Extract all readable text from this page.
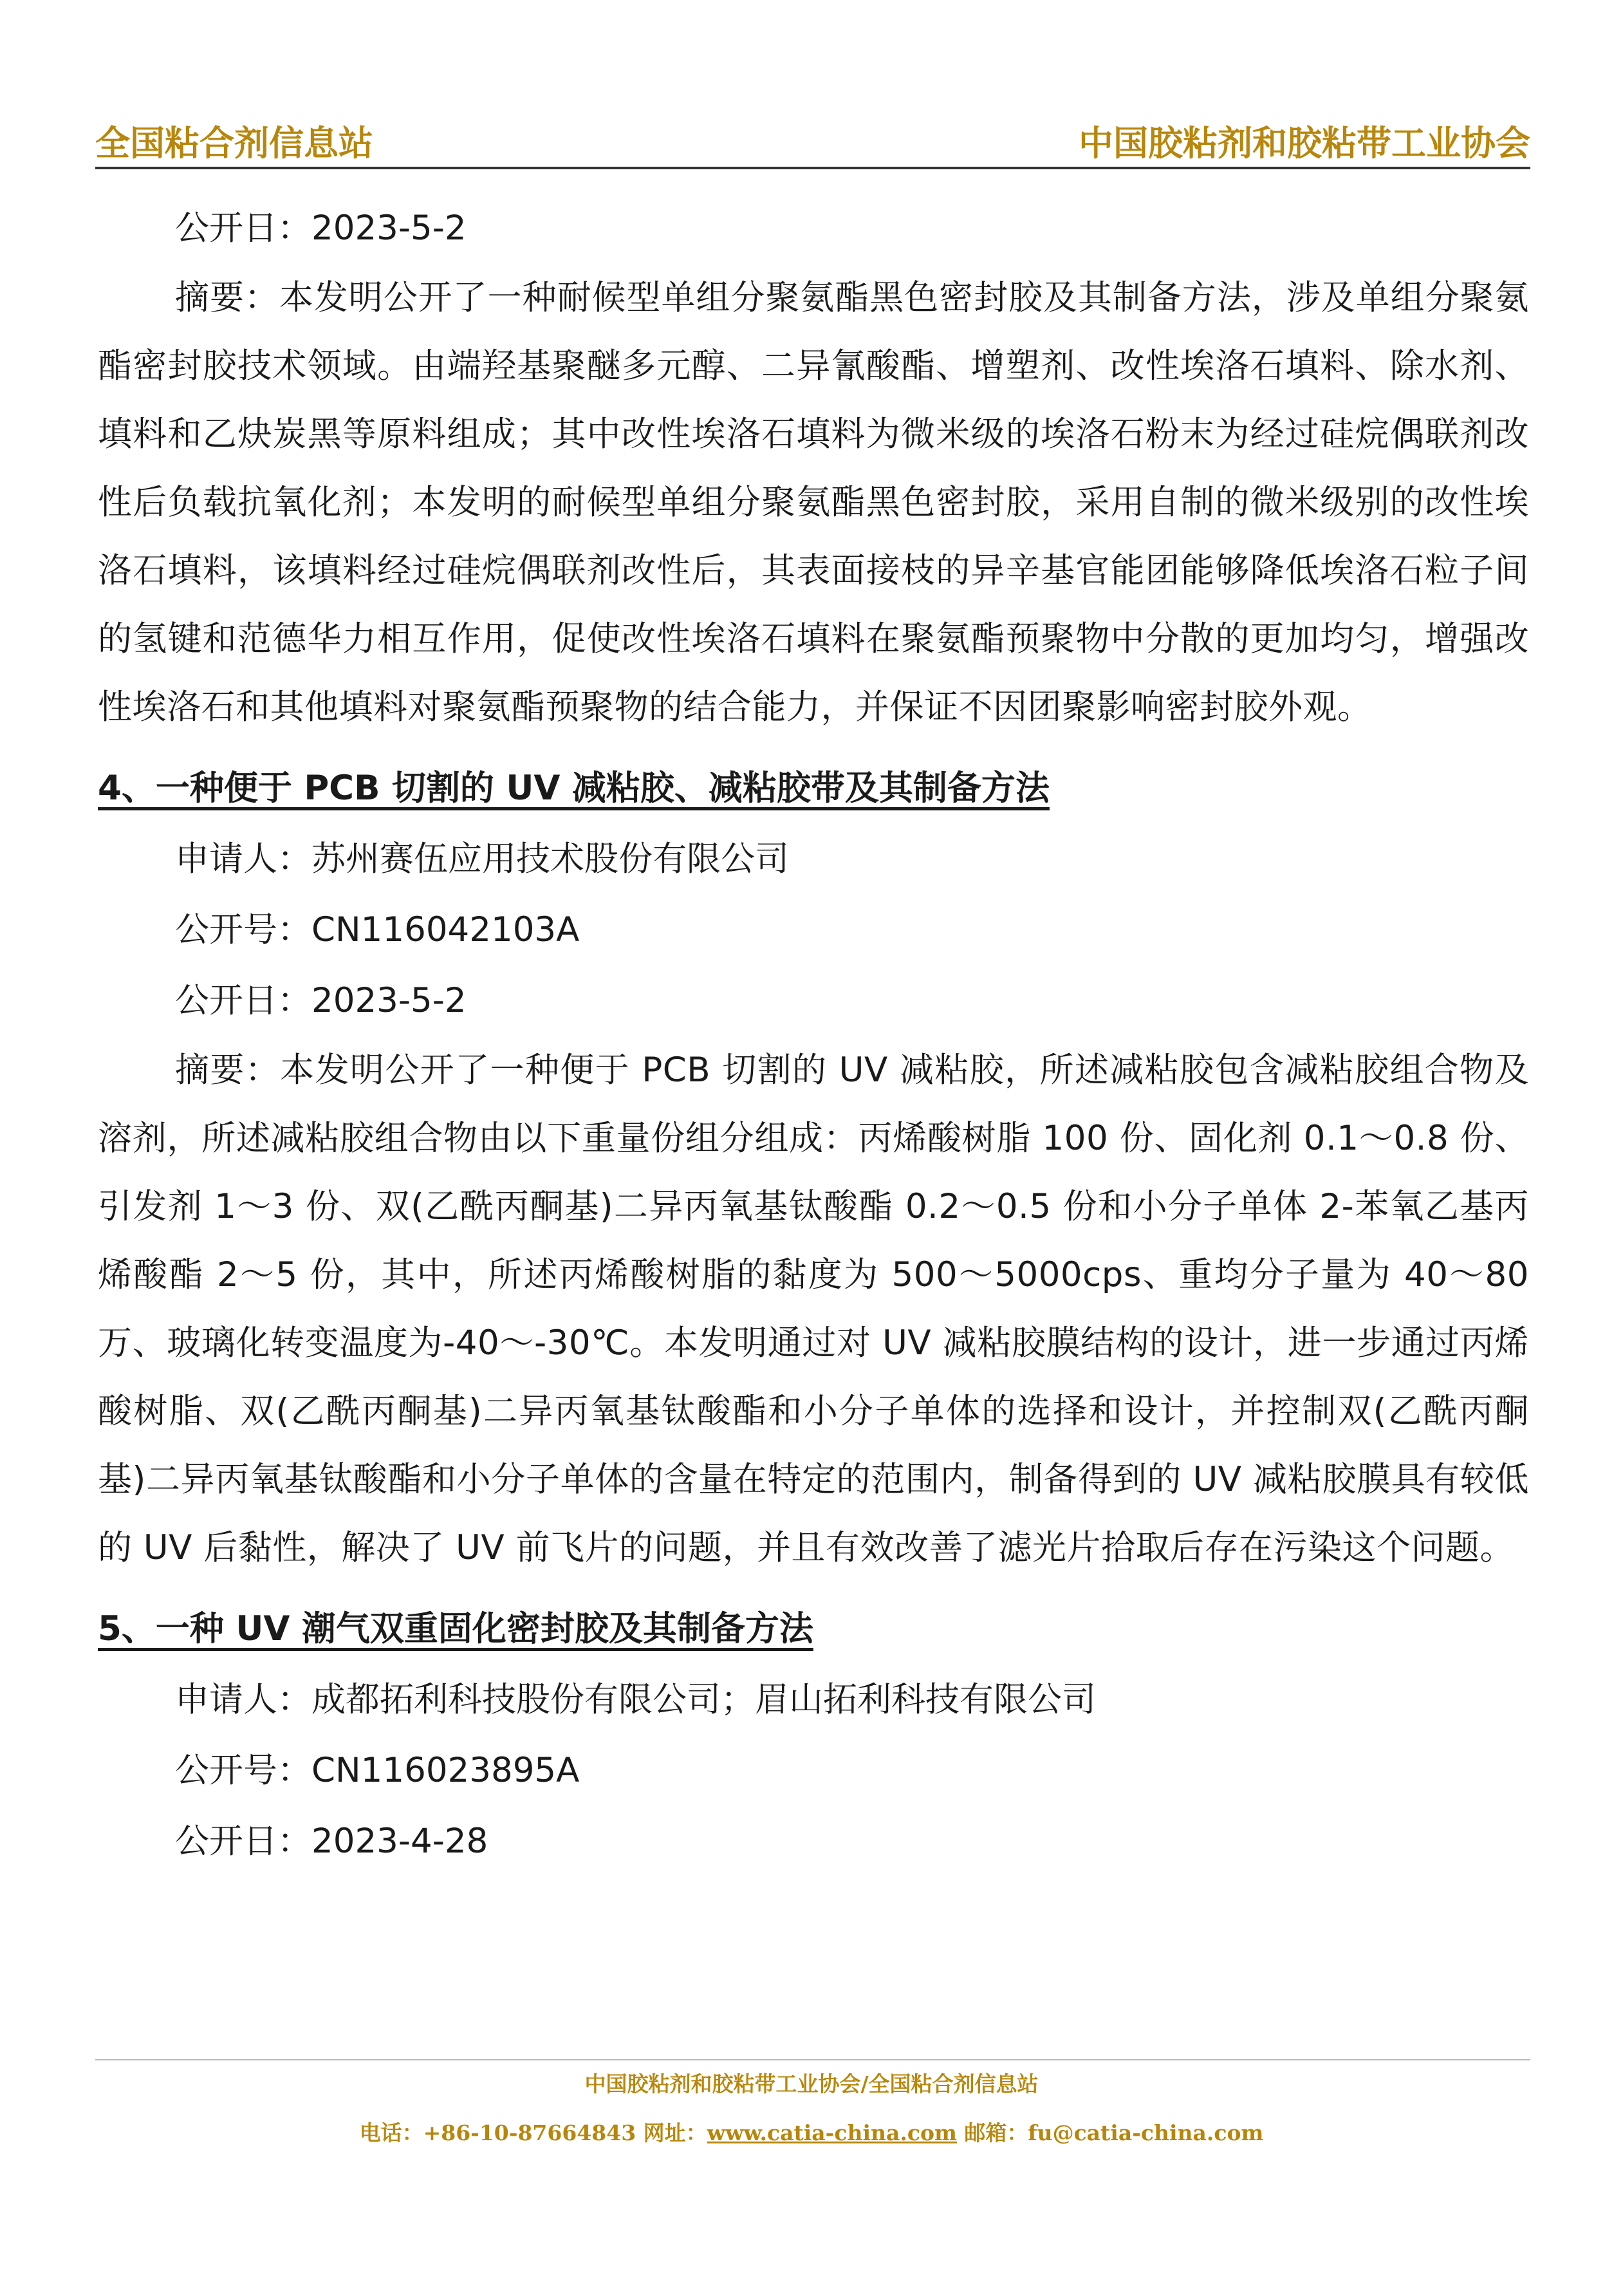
全国粘合剂信息站	中国胶粘剂和胶粘带工业协会
公开日：2023-5-2
摘要：本发明公开了一种耐候型单组分聚氨酯黑色密封胶及其制备方法，涉及单组分聚氨酯密封胶技术领域。由端羟基聚醚多元醇、二异氰酸酯、增塑剂、改性埃洛石填料、除水剂、填料和乙炔炭黑等原料组成；其中改性埃洛石填料为微米级的埃洛石粉末为经过硅烷偶联剂改性后负载抗氧化剂；本发明的耐候型单组分聚氨酯黑色密封胶，采用自制的微米级别的改性埃洛石填料，该填料经过硅烷偶联剂改性后，其表面接枝的异辛基官能团能够降低埃洛石粒子间的氢键和范德华力相互作用，促使改性埃洛石填料在聚氨酯预聚物中分散的更加均匀，增强改性埃洛石和其他填料对聚氨酯预聚物的结合能力，并保证不因团聚影响密封胶外观。
4、一种便于 PCB 切割的 UV 减粘胶、减粘胶带及其制备方法
申请人：苏州赛伍应用技术股份有限公司
公开号：CN116042103A
公开日：2023-5-2
摘要：本发明公开了一种便于 PCB 切割的 UV 减粘胶，所述减粘胶包含减粘胶组合物及溶剂，所述减粘胶组合物由以下重量份组分组成：丙烯酸树脂 100 份、固化剂 0.1～0.8 份、引发剂 1～3 份、双(乙酰丙酮基)二异丙氧基钛酸酯 0.2～0.5 份和小分子单体 2-苯氧乙基丙烯酸酯 2～5 份，其中，所述丙烯酸树脂的黏度为 500～5000cps、重均分子量为 40～80 万、玻璃化转变温度为-40～-30℃。本发明通过对 UV 减粘胶膜结构的设计，进一步通过丙烯酸树脂、双(乙酰丙酮基)二异丙氧基钛酸酯和小分子单体的选择和设计，并控制双(乙酰丙酮基)二异丙氧基钛酸酯和小分子单体的含量在特定的范围内，制备得到的 UV 减粘胶膜具有较低的 UV 后黏性，解决了 UV 前飞片的问题，并且有效改善了滤光片拾取后存在污染这个问题。
5、一种 UV 潮气双重固化密封胶及其制备方法
申请人：成都拓利科技股份有限公司；眉山拓利科技有限公司
公开号：CN116023895A
公开日：2023-4-28
中国胶粘剂和胶粘带工业协会/全国粘合剂信息站
电话：+86-10-87664843 网址：www.catia-china.com 邮箱：fu@catia-china.com
